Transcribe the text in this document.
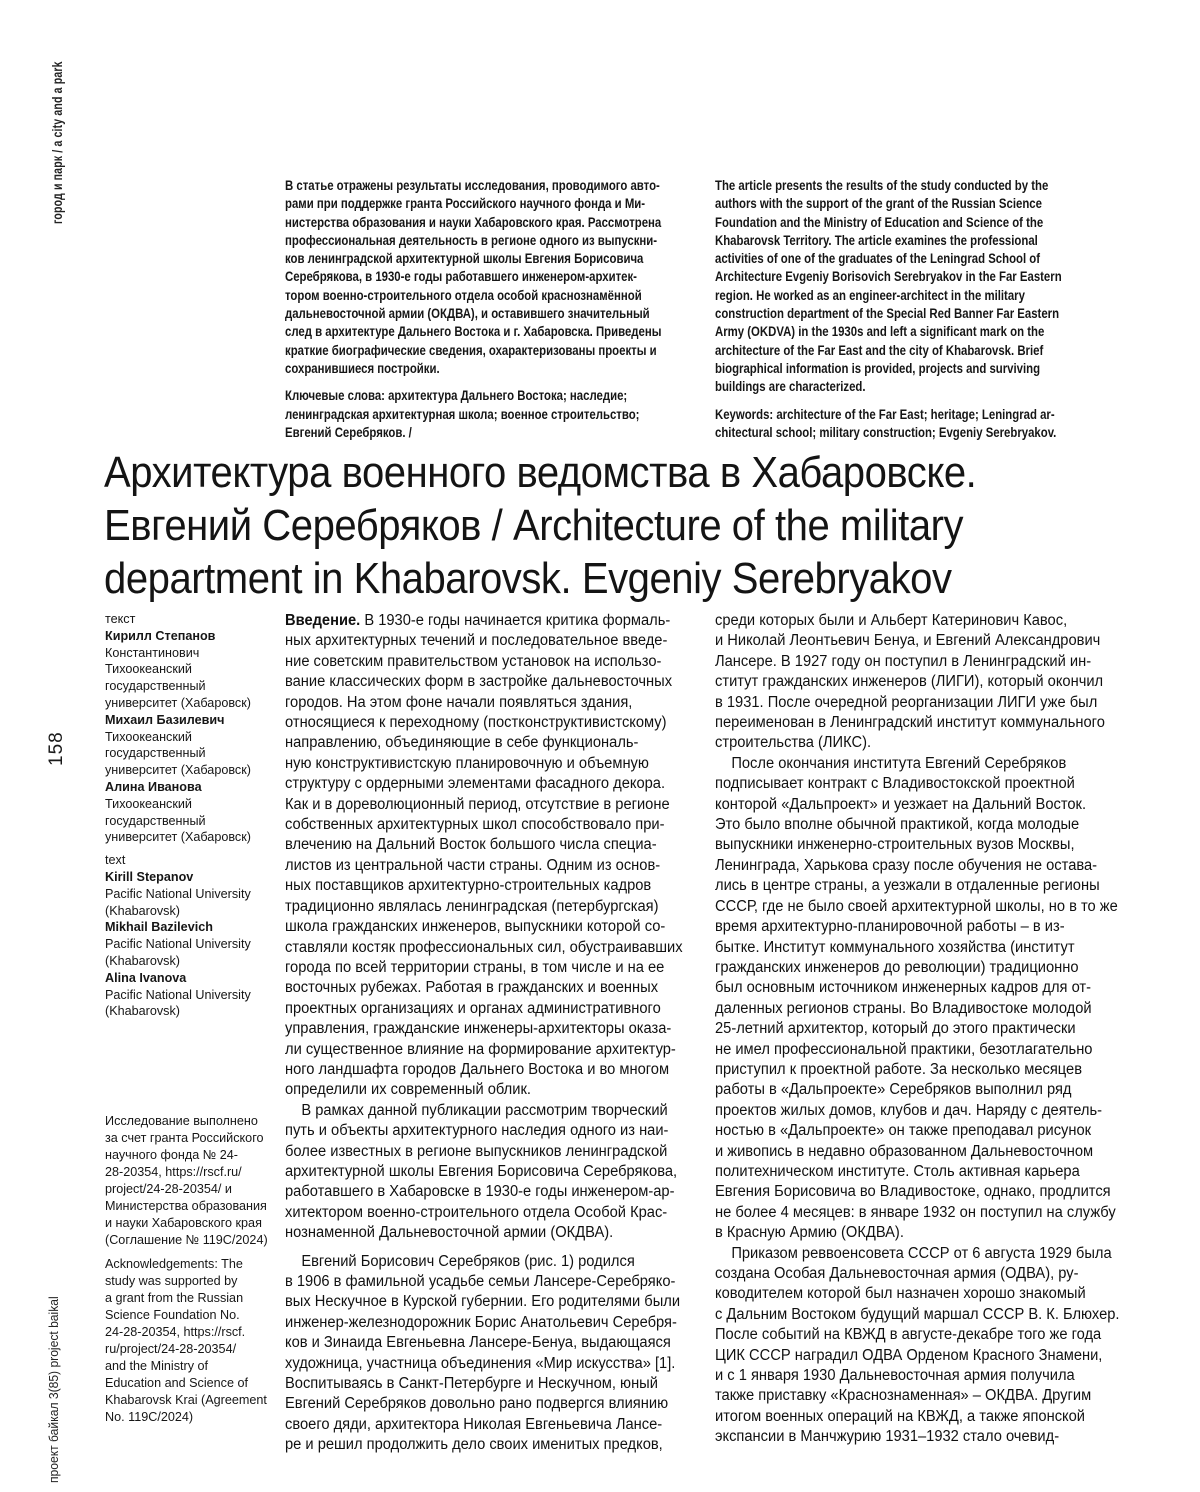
город и парк / a city and a park
158
проект байкал 3(85) project baikal
В статье отражены результаты исследования, проводимого авто-
рами при поддержке гранта Российского научного фонда и Ми-
нистерства образования и науки Хабаровского края. Рассмотрена
профессиональная деятельность в регионе одного из выпускни-
ков ленинградской архитектурной школы Евгения Борисовича
Серебрякова, в 1930-е годы работавшего инженером-архитек-
тором военно-строительного отдела особой краснознамённой
дальневосточной армии (ОКДВА), и оставившего значительный
след в архитектуре Дальнего Востока и г. Хабаровска. Приведены
краткие биографические сведения, охарактеризованы проекты и
сохранившиеся постройки.
Ключевые слова: архитектура Дальнего Востока; наследие;
ленинградская архитектурная школа; военное строительство;
Евгений Серебряков. /
The article presents the results of the study conducted by the
authors with the support of the grant of the Russian Science
Foundation and the Ministry of Education and Science of the
Khabarovsk Territory. The article examines the professional
activities of one of the graduates of the Leningrad School of
Architecture Evgeniy Borisovich Serebryakov in the Far Eastern
region. He worked as an engineer-architect in the military
construction department of the Special Red Banner Far Eastern
Army (OKDVA) in the 1930s and left a significant mark on the
architecture of the Far East and the city of Khabarovsk. Brief
biographical information is provided, projects and surviving
buildings are characterized.
Keywords: architecture of the Far East; heritage; Leningrad ar-
chitectural school; military construction; Evgeniy Serebryakov.
Архитектура военного ведомства в Хабаровске.
Евгений Серебряков / Architecture of the military
department in Khabarovsk. Evgeniy Serebryakov
текст
Кирилл Степанов
Константинович
Тихоокеанский
государственный
университет (Хабаровск)
Михаил Базилевич
Тихоокеанский
государственный
университет (Хабаровск)
Алина Иванова
Тихоокеанский
государственный
университет (Хабаровск)
text
Kirill Stepanov
Pacific National University
(Khabarovsk)
Mikhail Bazilevich
Pacific National University
(Khabarovsk)
Alina Ivanova
Pacific National University
(Khabarovsk)
Исследование выполнено
за счет гранта Российского
научного фонда № 24-
28-20354, https://rscf.ru/
project/24-28-20354/ и
Министерства образования
и науки Хабаровского края
(Соглашение № 119С/2024)
Acknowledgements: The
study was supported by
a grant from the Russian
Science Foundation No.
24-28-20354, https://rscf.
ru/project/24-28-20354/
and the Ministry of
Education and Science of
Khabarovsk Krai (Agreement
No. 119C/2024)
Введение. В 1930-е годы начинается критика формаль-
ных архитектурных течений и последовательное введе-
ние советским правительством установок на использо-
вание классических форм в застройке дальневосточных
городов. На этом фоне начали появляться здания,
относящиеся к переходному (постконструктивистскому)
направлению, объединяющие в себе функциональ-
ную конструктивистскую планировочную и объемную
структуру с ордерными элементами фасадного декора.
Как и в дореволюционный период, отсутствие в регионе
собственных архитектурных школ способствовало при-
влечению на Дальний Восток большого числа специа-
листов из центральной части страны. Одним из основ-
ных поставщиков архитектурно-строительных кадров
традиционно являлась ленинградская (петербургская)
школа гражданских инженеров, выпускники которой со-
ставляли костяк профессиональных сил, обустраивавших
города по всей территории страны, в том числе и на ее
восточных рубежах. Работая в гражданских и военных
проектных организациях и органах административного
управления, гражданские инженеры-архитекторы оказа-
ли существенное влияние на формирование архитектур-
ного ландшафта городов Дальнего Востока и во многом
определили их современный облик.
В рамках данной публикации рассмотрим творческий
путь и объекты архитектурного наследия одного из наи-
более известных в регионе выпускников ленинградской
архитектурной школы Евгения Борисовича Серебрякова,
работавшего в Хабаровске в 1930-е годы инженером-ар-
хитектором военно-строительного отдела Особой Крас-
нознаменной Дальневосточной армии (ОКДВА).
Евгений Борисович Серебряков (рис. 1) родился
в 1906 в фамильной усадьбе семьи Лансере-Серебряко-
вых Нескучное в Курской губернии. Его родителями были
инженер-железнодорожник Борис Анатольевич Серебря-
ков и Зинаида Евгеньевна Лансере-Бенуа, выдающаяся
художница, участница объединения «Мир искусства» [1].
Воспитываясь в Санкт-Петербурге и Нескучном, юный
Евгений Серебряков довольно рано подвергся влиянию
своего дяди, архитектора Николая Евгеньевича Лансе-
ре и решил продолжить дело своих именитых предков,
среди которых были и Альберт Катеринович Кавос,
и Николай Леонтьевич Бенуа, и Евгений Александрович
Лансере. В 1927 году он поступил в Ленинградский ин-
ститут гражданских инженеров (ЛИГИ), который окончил
в 1931. После очередной реорганизации ЛИГИ уже был
переименован в Ленинградский институт коммунального
строительства (ЛИКС).
После окончания института Евгений Серебряков
подписывает контракт с Владивостокской проектной
конторой «Дальпроект» и уезжает на Дальний Восток.
Это было вполне обычной практикой, когда молодые
выпускники инженерно-строительных вузов Москвы,
Ленинграда, Харькова сразу после обучения не остава-
лись в центре страны, а уезжали в отдаленные регионы
СССР, где не было своей архитектурной школы, но в то же
время архитектурно-планировочной работы – в из-
бытке. Институт коммунального хозяйства (институт
гражданских инженеров до революции) традиционно
был основным источником инженерных кадров для от-
даленных регионов страны. Во Владивостоке молодой
25-летний архитектор, который до этого практически
не имел профессиональной практики, безотлагательно
приступил к проектной работе. За несколько месяцев
работы в «Дальпроекте» Серебряков выполнил ряд
проектов жилых домов, клубов и дач. Наряду с деятель-
ностью в «Дальпроекте» он также преподавал рисунок
и живопись в недавно образованном Дальневосточном
политехническом институте. Столь активная карьера
Евгения Борисовича во Владивостоке, однако, продлится
не более 4 месяцев: в январе 1932 он поступил на службу
в Красную Армию (ОКДВА).
Приказом реввоенсовета СССР от 6 августа 1929 была
создана Особая Дальневосточная армия (ОДВА), ру-
ководителем которой был назначен хорошо знакомый
с Дальним Востоком будущий маршал СССР В. К. Блюхер.
После событий на КВЖД в августе-декабре того же года
ЦИК СССР наградил ОДВА Орденом Красного Знамени,
и с 1 января 1930 Дальневосточная армия получила
также приставку «Краснознаменная» – ОКДВА. Другим
итогом военных операций на КВЖД, а также японской
экспансии в Манчжурию 1931–1932 стало очевид-
